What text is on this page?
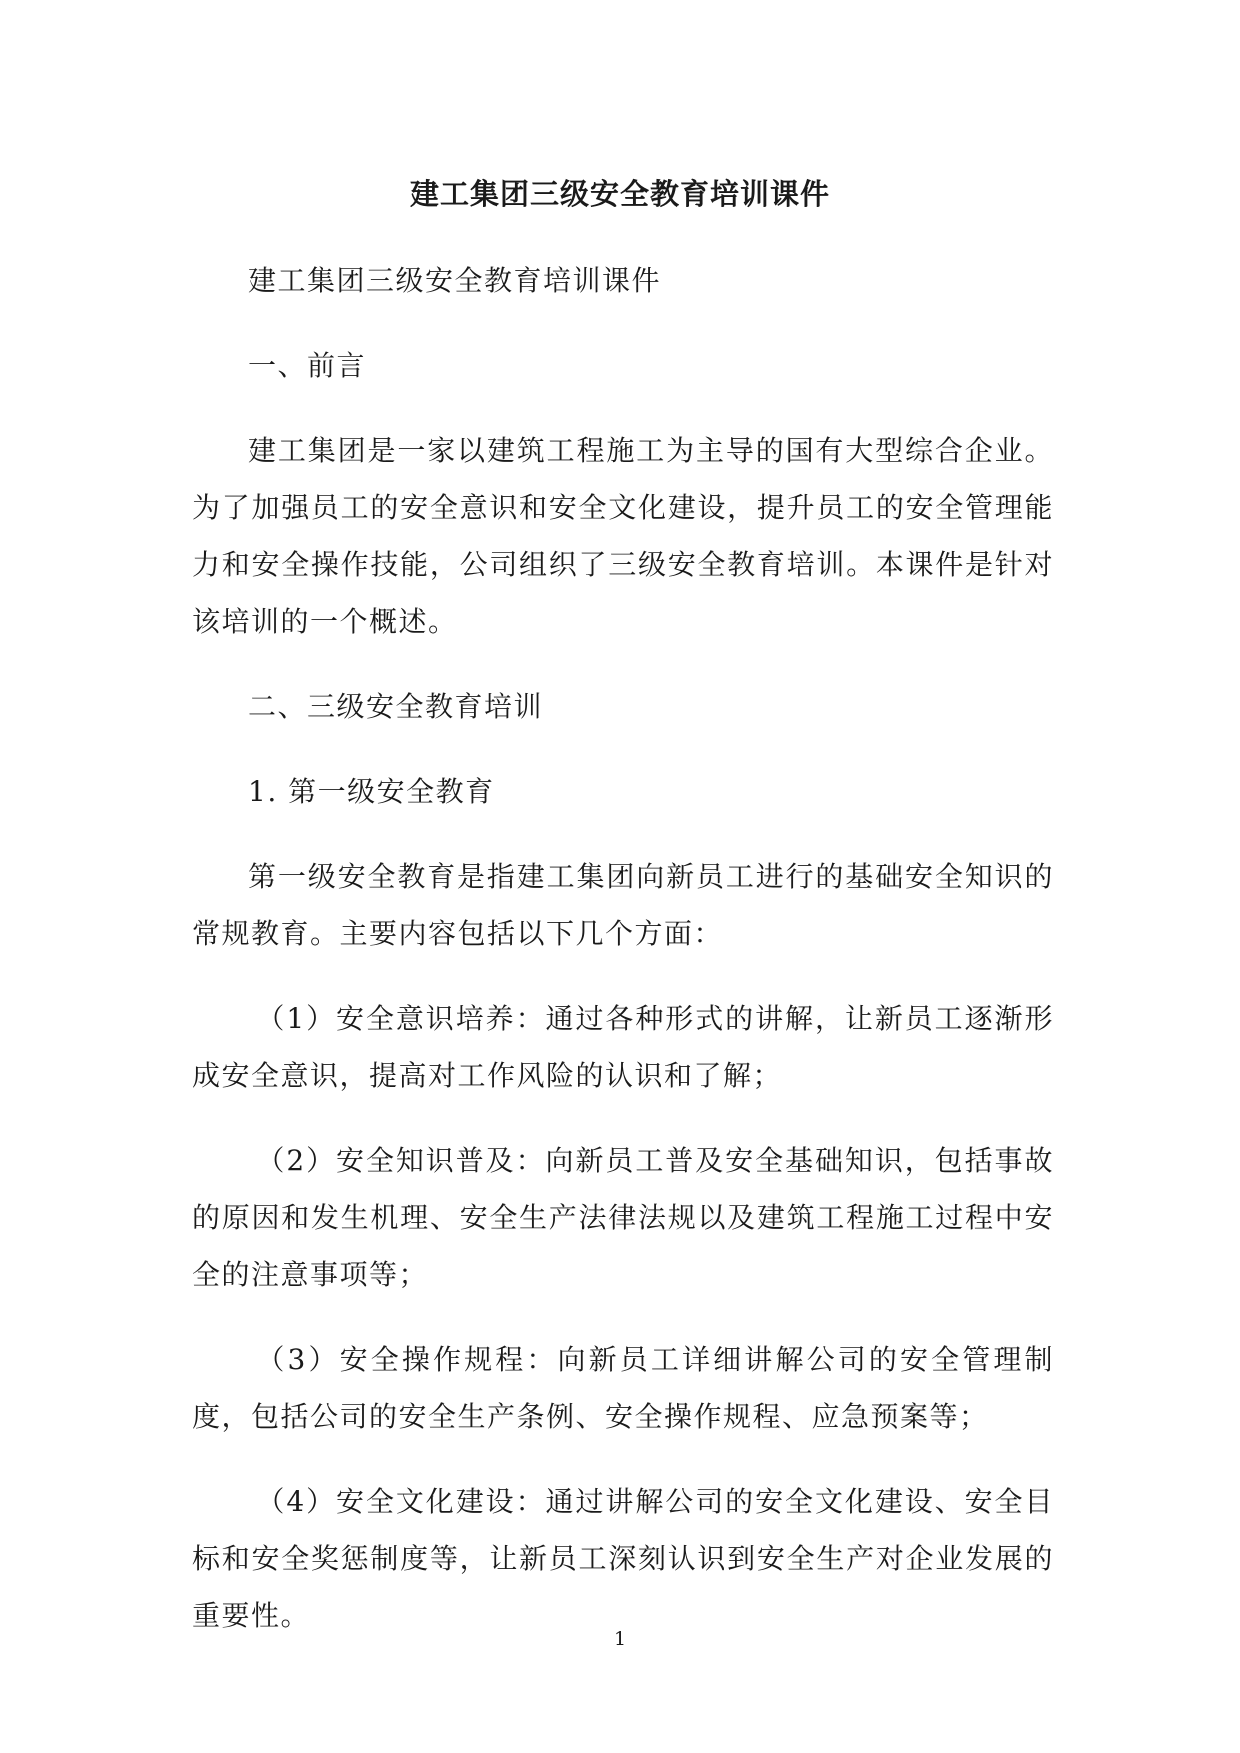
建工集团三级安全教育培训课件

建工集团三级安全教育培训课件

一、前言

建工集团是一家以建筑工程施工为主导的国有大型综合企业。为了加强员工的安全意识和安全文化建设，提升员工的安全管理能力和安全操作技能，公司组织了三级安全教育培训。本课件是针对该培训的一个概述。

二、三级安全教育培训

1. 第一级安全教育

第一级安全教育是指建工集团向新员工进行的基础安全知识的常规教育。主要内容包括以下几个方面：

（1）安全意识培养：通过各种形式的讲解，让新员工逐渐形成安全意识，提高对工作风险的认识和了解；

（2）安全知识普及：向新员工普及安全基础知识，包括事故的原因和发生机理、安全生产法律法规以及建筑工程施工过程中安全的注意事项等；

（3）安全操作规程：向新员工详细讲解公司的安全管理制度，包括公司的安全生产条例、安全操作规程、应急预案等；

（4）安全文化建设：通过讲解公司的安全文化建设、安全目标和安全奖惩制度等，让新员工深刻认识到安全生产对企业发展的重要性。

1
